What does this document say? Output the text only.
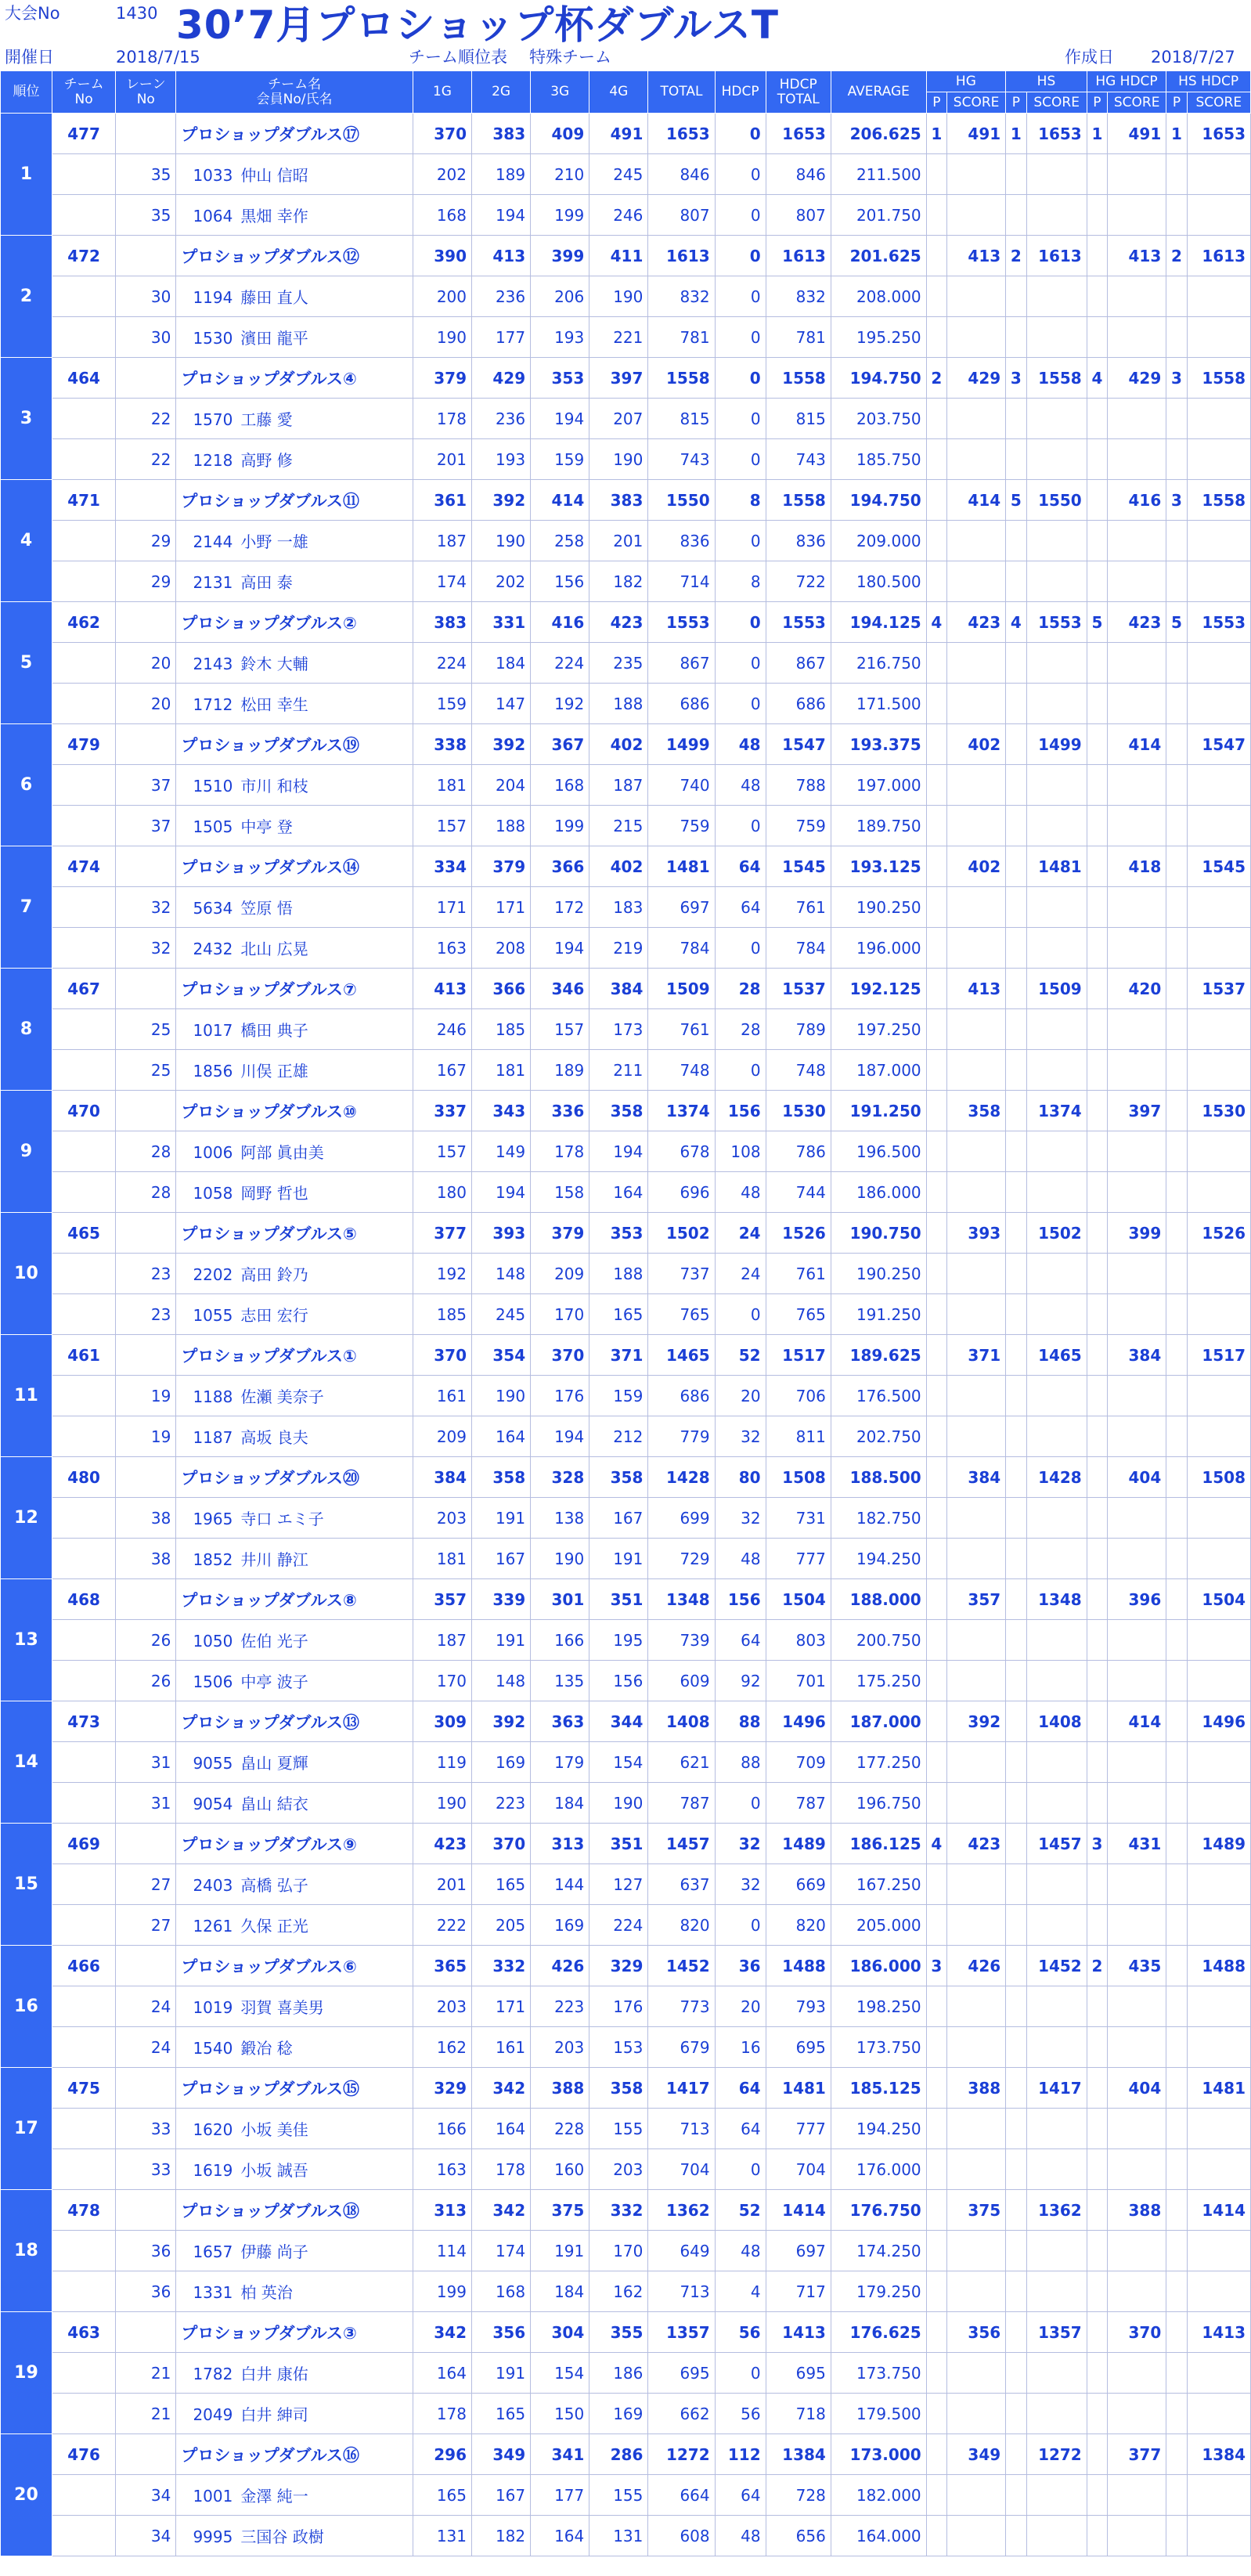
大会No	1430 30’7月プロショップ杯ダブルスT
開催日	2018/7/15	チーム順位表 特殊チーム	作成日 2018/7/27
順位	チーム
No	レーン
No	チーム名
会員No/氏名	1G	2G	3G	4G	TOTAL	HDCP	HDCP
TOTAL	AVERAGE	HG		HS		HG HDCP		HS HDCP	
												P	SCORE	P	SCORE	P	SCORE	P	SCORE
1	477		プロショップダブルス⑰	370	383	409	491	1653	0	1653	206.625	1	491	1	1653	1	491	1	1653
		35	1033 仲山 信昭	202	189	210	245	846	0	846	211.500								
		35	1064 黒畑 幸作	168	194	199	246	807	0	807	201.750								
2	472		プロショップダブルス⑫	390	413	399	411	1613	0	1613	201.625		413	2	1613		413	2	1613
		30	1194 藤田 直人	200	236	206	190	832	0	832	208.000								
		30	1530 濱田 龍平	190	177	193	221	781	0	781	195.250								
3	464		プロショップダブルス④	379	429	353	397	1558	0	1558	194.750	2	429	3	1558	4	429	3	1558
		22	1570 工藤 愛	178	236	194	207	815	0	815	203.750								
		22	1218 高野 修	201	193	159	190	743	0	743	185.750								
4	471		プロショップダブルス⑪	361	392	414	383	1550	8	1558	194.750		414	5	1550		416	3	1558
		29	2144 小野 一雄	187	190	258	201	836	0	836	209.000								
		29	2131 高田 泰	174	202	156	182	714	8	722	180.500								
5	462		プロショップダブルス②	383	331	416	423	1553	0	1553	194.125	4	423	4	1553	5	423	5	1553
		20	2143 鈴木 大輔	224	184	224	235	867	0	867	216.750								
		20	1712 松田 幸生	159	147	192	188	686	0	686	171.500								
6	479		プロショップダブルス⑲	338	392	367	402	1499	48	1547	193.375		402		1499		414		1547
		37	1510 市川 和枝	181	204	168	187	740	48	788	197.000								
		37	1505 中亭 登	157	188	199	215	759	0	759	189.750								
7	474		プロショップダブルス⑭	334	379	366	402	1481	64	1545	193.125		402		1481		418		1545
		32	5634 笠原 悟	171	171	172	183	697	64	761	190.250								
		32	2432 北山 広晃	163	208	194	219	784	0	784	196.000								
8	467		プロショップダブルス⑦	413	366	346	384	1509	28	1537	192.125		413		1509		420		1537
		25	1017 橋田 典子	246	185	157	173	761	28	789	197.250								
		25	1856 川俣 正雄	167	181	189	211	748	0	748	187.000								
9	470		プロショップダブルス⑩	337	343	336	358	1374	156	1530	191.250		358		1374		397		1530
		28	1006 阿部 眞由美	157	149	178	194	678	108	786	196.500								
		28	1058 岡野 哲也	180	194	158	164	696	48	744	186.000								
10	465		プロショップダブルス⑤	377	393	379	353	1502	24	1526	190.750		393		1502		399		1526
		23	2202 高田 鈴乃	192	148	209	188	737	24	761	190.250								
		23	1055 志田 宏行	185	245	170	165	765	0	765	191.250								
11	461		プロショップダブルス①	370	354	370	371	1465	52	1517	189.625		371		1465		384		1517
		19	1188 佐瀬 美奈子	161	190	176	159	686	20	706	176.500								
		19	1187 高坂 良夫	209	164	194	212	779	32	811	202.750								
12	480		プロショップダブルス⑳	384	358	328	358	1428	80	1508	188.500		384		1428		404		1508
		38	1965 寺口 エミ子	203	191	138	167	699	32	731	182.750								
		38	1852 井川 静江	181	167	190	191	729	48	777	194.250								
13	468		プロショップダブルス⑧	357	339	301	351	1348	156	1504	188.000		357		1348		396		1504
		26	1050 佐伯 光子	187	191	166	195	739	64	803	200.750								
		26	1506 中亭 波子	170	148	135	156	609	92	701	175.250								
14	473		プロショップダブルス⑬	309	392	363	344	1408	88	1496	187.000		392		1408		414		1496
		31	9055 畠山 夏輝	119	169	179	154	621	88	709	177.250								
		31	9054 畠山 結衣	190	223	184	190	787	0	787	196.750								
15	469		プロショップダブルス⑨	423	370	313	351	1457	32	1489	186.125	4	423		1457	3	431		1489
		27	2403 高橋 弘子	201	165	144	127	637	32	669	167.250								
		27	1261 久保 正光	222	205	169	224	820	0	820	205.000								
16	466		プロショップダブルス⑥	365	332	426	329	1452	36	1488	186.000	3	426		1452	2	435		1488
		24	1019 羽賀 喜美男	203	171	223	176	773	20	793	198.250								
		24	1540 鍛冶 稔	162	161	203	153	679	16	695	173.750								
17	475		プロショップダブルス⑮	329	342	388	358	1417	64	1481	185.125		388		1417		404		1481
		33	1620 小坂 美佳	166	164	228	155	713	64	777	194.250								
		33	1619 小坂 誠吾	163	178	160	203	704	0	704	176.000								
18	478		プロショップダブルス⑱	313	342	375	332	1362	52	1414	176.750		375		1362		388		1414
		36	1657 伊藤 尚子	114	174	191	170	649	48	697	174.250								
		36	1331 柏 英治	199	168	184	162	713	4	717	179.250								
19	463		プロショップダブルス③	342	356	304	355	1357	56	1413	176.625		356		1357		370		1413
		21	1782 白井 康佑	164	191	154	186	695	0	695	173.750								
		21	2049 白井 紳司	178	165	150	169	662	56	718	179.500								
20	476		プロショップダブルス⑯	296	349	341	286	1272	112	1384	173.000		349		1272		377		1384
		34	1001 金澤 純一	165	167	177	155	664	64	728	182.000								
		34	9995 三国谷 政樹	131	182	164	131	608	48	656	164.000								
